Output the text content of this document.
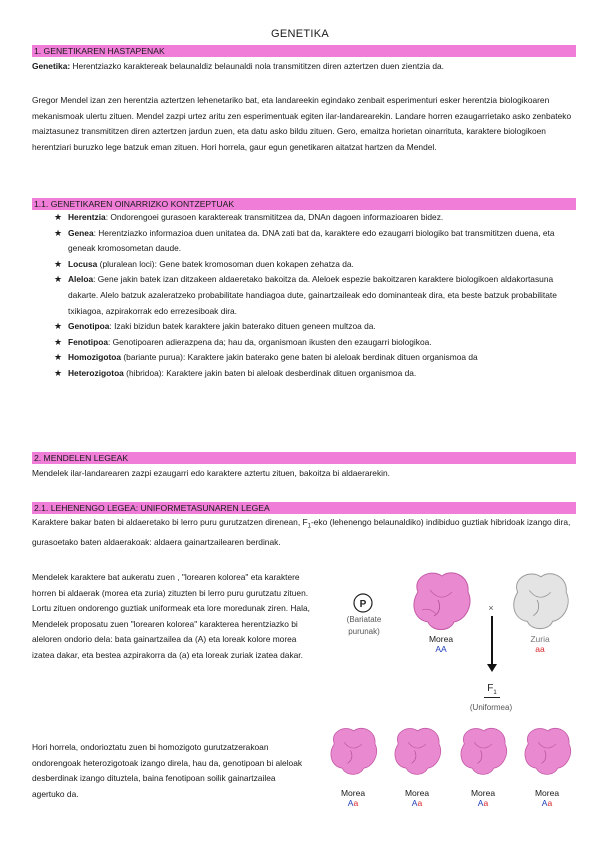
GENETIKA
1. GENETIKAREN HASTAPENAK
Genetika: Herentziazko karaktereak belaunaldiz belaunaldi nola transmititzen diren aztertzen duen zientzia da.
Gregor Mendel izan zen herentzia aztertzen lehenetariko bat, eta landareekin egindako zenbait esperimenturi esker herentzia biologikoaren mekanismoak ulertu zituen. Mendel zazpi urtez aritu zen esperimentuak egiten ilar-landarearekin. Landare horren ezaugarrietako asko zenbateko maiztasunez transmititzen diren aztertzen jardun zuen, eta datu asko bildu zituen. Gero, emaitza horietan oinarrituta, karaktere biologikoen herentziari buruzko lege batzuk eman zituen. Hori horrela, gaur egun genetikaren aitatzat hartzen da Mendel.
1.1. GENETIKAREN OINARRIZKO KONTZEPTUAK
★ Herentzia: Ondorengoei gurasoen karaktereak transmititzea da, DNAn dagoen informazioaren bidez.
★ Genea: Herentziazko informazioa duen unitatea da. DNA zati bat da, karaktere edo ezaugarri biologiko bat transmititzen duena, eta geneak kromosometan daude.
★ Locusa (pluralean loci): Gene batek kromosoman duen kokapen zehatza da.
★ Aleloa: Gene jakin batek izan ditzakeen aldaeretako bakoitza da. Aleloek espezie bakoitzaren karaktere biologikoen aldakortasuna dakarte. Alelo batzuk azaleratzeko probabilitate handiagoa dute, gainartzaileak edo dominanteak dira, eta beste batzuk probabilitate txikiagoa, azpirakorrak edo errezesiboak dira.
★ Genotipoa: Izaki bizidun batek karaktere jakin baterako dituen geneen multzoa da.
★ Fenotipoa: Genotipoaren adierazpena da; hau da, organismoan ikusten den ezaugarri biologikoa.
★ Homozigotoa (bariante purua): Karaktere jakin baterako gene baten bi aleloak berdinak dituen organismoa da
★ Heterozigotoa (hibridoa): Karaktere jakin baten bi aleloak desberdinak dituen organismoa da.
2. MENDELEN LEGEAK
Mendelek ilar-landarearen zazpi ezaugarri edo karaktere aztertu zituen, bakoitza bi aldaerarekin.
2.1. LEHENENGO LEGEA: UNIFORMETASUNAREN LEGEA
Karaktere bakar baten bi aldaeretako bi lerro puru gurutzatzen direnean, $F_1$-eko (lehenengo belaunaldiko) indibiduo guztiak hibridoak izango dira, gurasoetako baten aldaerakoak: aldaera gainartzailearen berdinak.
Mendelek karaktere bat aukeratu zuen , "lorearen kolorea" eta karaktere horren bi aldaerak (morea eta zuria) zituzten bi lerro puru gurutzatu zituen. Lortu zituen ondorengo guztiak uniformeak eta lore moredunak ziren. Hala, Mendelek proposatu zuen "lorearen kolorea" karakterea herentziazko bi aleloren ondorio dela: bata gainartzailea da (A) eta loreak kolore morea izatea dakar, eta bestea azpirakorra da (a) eta loreak zuriak izatea dakar.
Hori horrela, ondorioztatu zuen bi homozigoto gurutzatzerakoan ondorengoak heterozigotoak izango direla, hau da, genotipoan bi aleloak desberdinak izango dituztela, baina fenotipoan soilik gainartzailea agertuko da.
P
(Bariatate purunak)
Morea
AA
×
Zuria
aa
$F_1$
(Uniformea)
Morea
Aa
Morea
Aa
Morea
Aa
Morea
Aa
